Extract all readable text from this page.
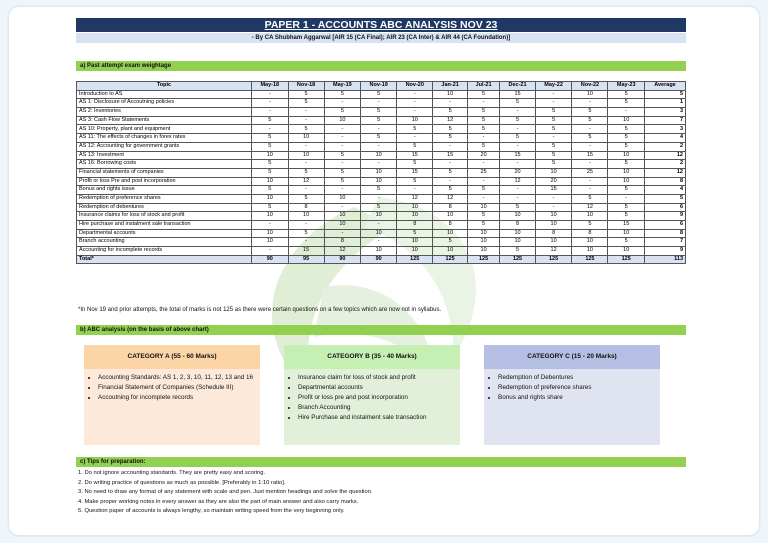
PAPER 1 - ACCOUNTS ABC ANALYSIS NOV 23
- By CA Shubham Aggarwal [AIR 15 (CA Final); AIR 23 (CA Inter) & AIR 44 (CA Foundation)]
a) Past attempt exam weightage
Topic	May-18	Nov-18	May-19	Nov-19	Nov-20	Jan-21	Jul-21	Dec-21	May-22	Nov-22	May-23	Average
Introduction to AS	-	5	5	5	-	10	5	15	-	10	5	5
AS 1: Disclosure of Accoutning policies	-	5	-	-	-	-	-	5	-	-	5	1
AS 2: Inventories	-	-	5	5	-	5	5	-	5	5	-	3
AS 3: Cash Flow Statements	5	-	10	5	10	12	5	5	5	5	10	7
AS 10: Property, plant and equipment	-	5	-	-	5	5	5	-	5	-	5	3
AS 11: The effects of changes in forex rates	5	10	-	5	-	5	-	5	-	5	5	4
AS 12: Accounting for government grants	5	-	-	-	5	-	5	-	5	-	5	2
AS 13: Investment	10	10	5	10	15	15	20	15	5	15	10	12
AS 16: Borrowing costs	5	-	-	-	5	-	-	-	5	-	5	2
Financial statements of companies	5	5	5	10	15	5	25	20	10	25	10	12
Profit or loss Pre and post incorporation	10	12	5	10	5	-	-	12	20	-	10	8
Bonus and rights issue	5	-	-	5	-	5	5	-	15	-	5	4
Redemption of preference shares	10	5	10	-	12	12	-	-	-	5	-	5
Redemption of debentures	5	8	-	5	10	8	10	5	-	12	5	6
Insurance claims for loss of stock and profit	10	10	10	10	10	10	5	10	10	10	5	9
Hire purchase and instalment sale transaction	-	-	10	-	8	8	5	8	10	5	15	6
Departmental accounts	10	5	-	10	5	10	10	10	8	8	10	8
Branch accounting	10	-	8	-	10	5	10	10	10	10	5	7
Accounting for incomplete records	-	15	12	10	10	10	10	5	12	10	10	9
Total*	90	95	90	90	125	125	125	125	125	125	125	113
*In Nov 19 and prior attempts, the total of marks is not 125 as there were certain questions on a few topics which are now not in syllabus.
b) ABC analysis (on the basis of above chart)
CATEGORY A (55 - 60 Marks)
• Accounting Standards: AS 1, 2, 3, 10, 11, 12, 13 and 16
• Financial Statement of Companies (Schedule III)
• Accoutning for incomplete records
CATEGORY B (35 - 40 Marks)
• Insurance claim for loss of stock and profit
• Departmental accounts
• Profit or loss pre and post incorporation
• Branch Accounting
• Hire Purchase and instalment sale transaction
CATEGORY C (15 - 20 Marks)
• Redemption of Debentures
• Redemption of preference shares
• Bonus and rights share
c) Tips for preparation:
1. Do not ignore accounting standards. They are pretty easy and scoring.
2. Do writing practice of questions as much as possible. [Preferably in 1:10 ratio].
3. No need to draw any format of any statement with scale and pen. Just mention headings and solve the question.
4. Make proper working notes in every answer as they are also the part of main answer and also carry marks.
5. Question paper of accounts is always lengthy, so maintain writing speed from the very beginning only.
